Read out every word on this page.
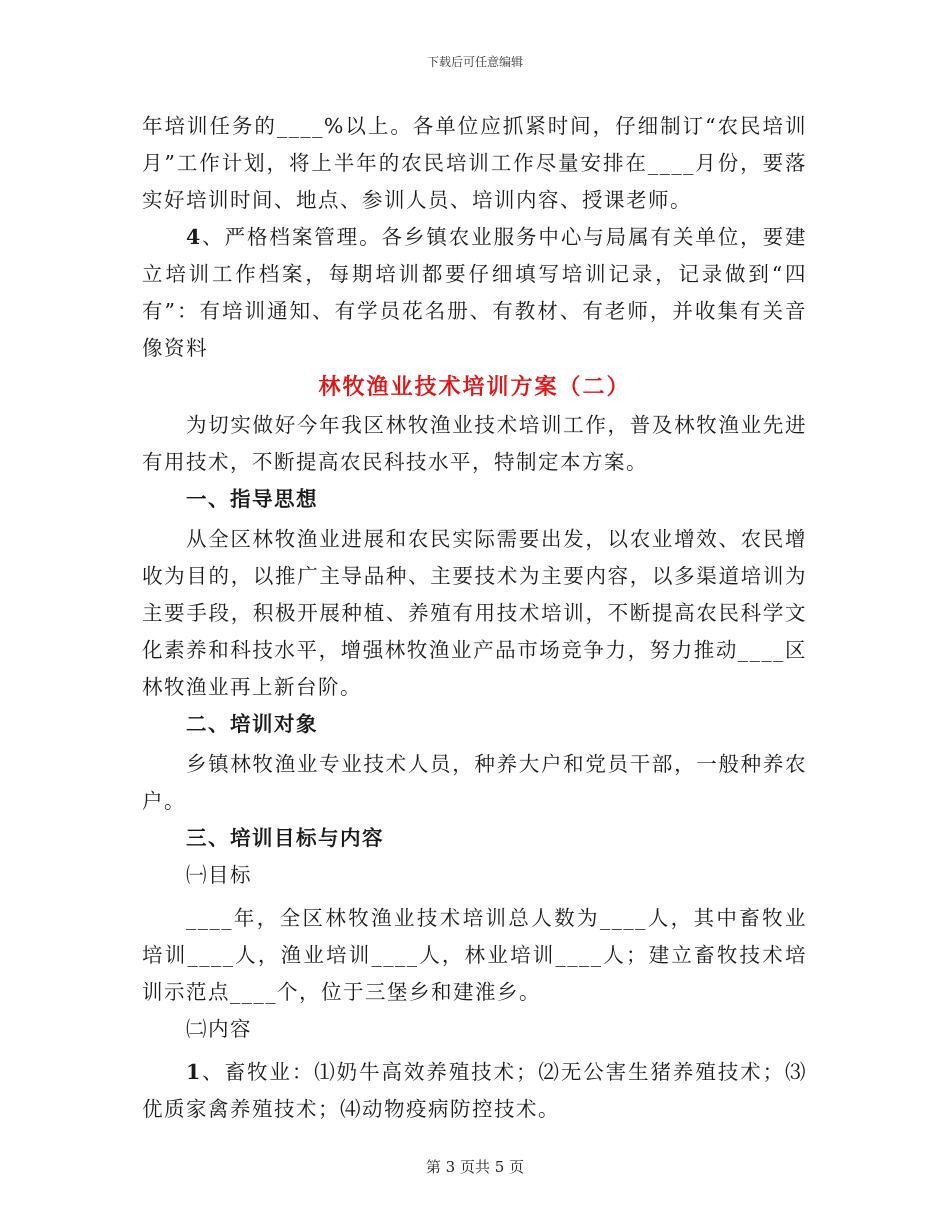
下载后可任意编辑

年培训任务的____%以上。各单位应抓紧时间，仔细制订“农民培训月”工作计划，将上半年的农民培训工作尽量安排在____月份，要落实好培训时间、地点、参训人员、培训内容、授课老师。

4、严格档案管理。各乡镇农业服务中心与局属有关单位，要建立培训工作档案，每期培训都要仔细填写培训记录，记录做到“四有”：有培训通知、有学员花名册、有教材、有老师，并收集有关音像资料

林牧渔业技术培训方案（二）

为切实做好今年我区林牧渔业技术培训工作，普及林牧渔业先进有用技术，不断提高农民科技水平，特制定本方案。

一、指导思想

从全区林牧渔业进展和农民实际需要出发，以农业增效、农民增收为目的，以推广主导品种、主要技术为主要内容，以多渠道培训为主要手段，积极开展种植、养殖有用技术培训，不断提高农民科学文化素养和科技水平，增强林牧渔业产品市场竞争力，努力推动____区林牧渔业再上新台阶。

二、培训对象

乡镇林牧渔业专业技术人员，种养大户和党员干部，一般种养农户。

三、培训目标与内容

㈠目标

____年，全区林牧渔业技术培训总人数为____人，其中畜牧业培训____人，渔业培训____人，林业培训____人；建立畜牧技术培训示范点____个，位于三堡乡和建淮乡。

㈡内容

1、畜牧业：⑴奶牛高效养殖技术；⑵无公害生猪养殖技术；⑶优质家禽养殖技术；⑷动物疫病防控技术。

第 3 页共 5 页
